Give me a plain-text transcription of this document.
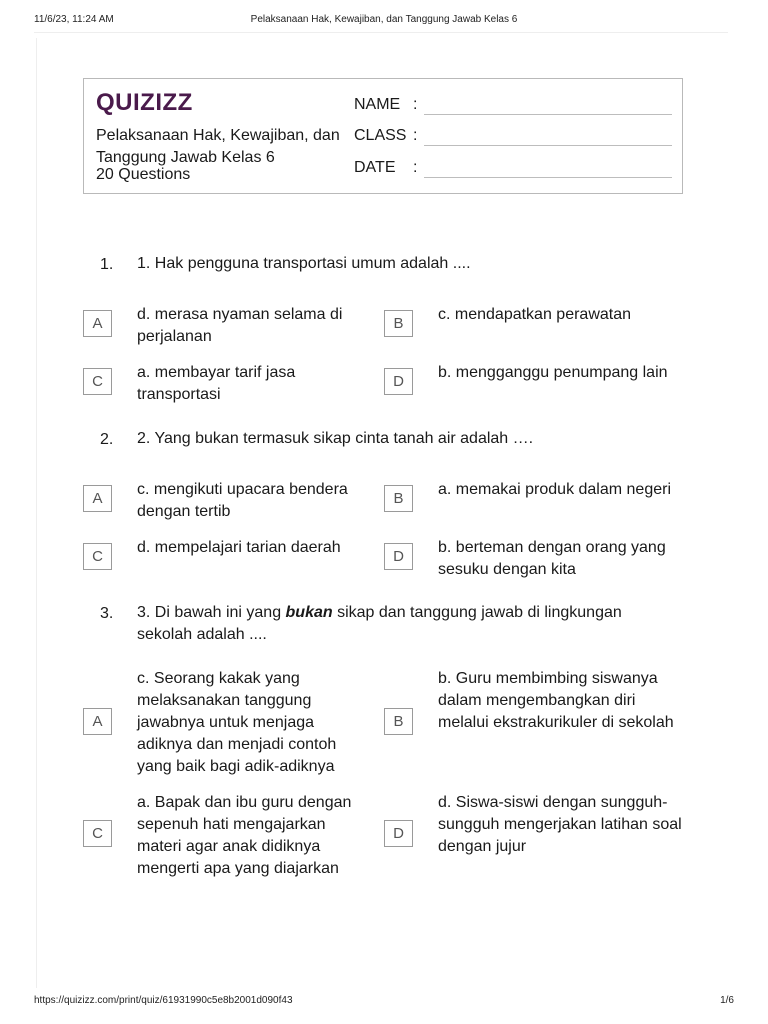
11/6/23, 11:24 AM	Pelaksanaan Hak, Kewajiban, dan Tanggung Jawab Kelas 6
QUIZIZZ
Pelaksanaan Hak, Kewajiban, dan Tanggung Jawab Kelas 6
20 Questions
NAME :
CLASS :
DATE :
1. 1. Hak pengguna transportasi umum adalah ....
A
d. merasa nyaman selama di perjalanan
B
c. mendapatkan perawatan
C
a. membayar tarif jasa transportasi
D
b. mengganggu penumpang lain
2. 2. Yang bukan termasuk sikap cinta tanah air adalah ….
A
c. mengikuti upacara bendera dengan tertib
B
a. memakai produk dalam negeri
C
d. mempelajari tarian daerah
D
b. berteman dengan orang yang sesuku dengan kita
3. 3. Di bawah ini yang bukan sikap dan tanggung jawab di lingkungan sekolah adalah ....
A
c. Seorang kakak yang melaksanakan tanggung jawabnya untuk menjaga adiknya dan menjadi contoh yang baik bagi adik-adiknya
B
b. Guru membimbing siswanya dalam mengembangkan diri melalui ekstrakurikuler di sekolah
C
a. Bapak dan ibu guru dengan sepenuh hati mengajarkan materi agar anak didiknya mengerti apa yang diajarkan
D
d. Siswa-siswi dengan sungguh-sungguh mengerjakan latihan soal dengan jujur
https://quizizz.com/print/quiz/61931990c5e8b2001d090f43	1/6
